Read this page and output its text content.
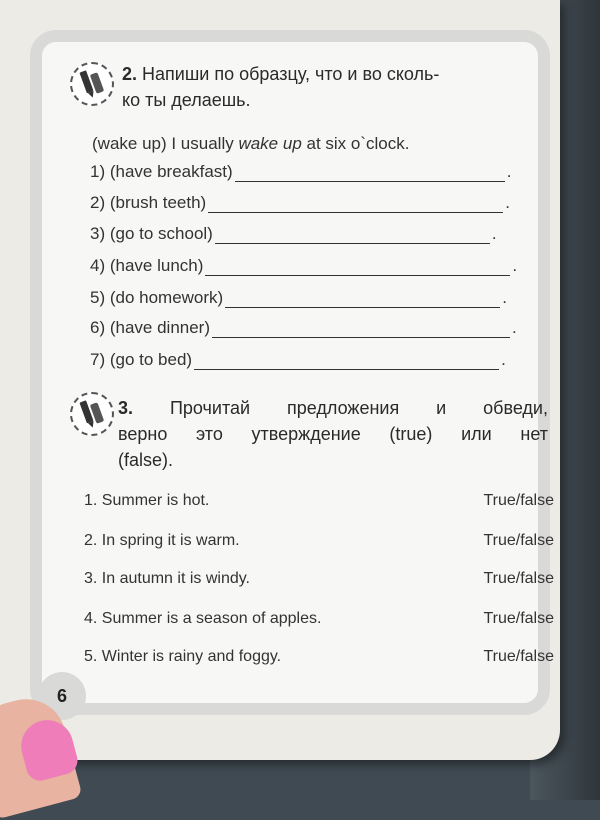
2. Напиши по образцу, что и во сколь-
ко ты делаешь.
(wake up) I usually wake up at six o`clock.
1) (have breakfast)	.
2) (brush teeth)	.
3) (go to school)	.
4) (have lunch)	.
5) (do homework)	.
6) (have dinner)	.
7) (go to bed)	.
3. Прочитай предложения и обведи,
верно это утверждение (true) или нет
(false).
1. Summer is hot.	True/false
2. In spring it is warm.	True/false
3. In autumn it is windy.	True/false
4. Summer is a season of apples.	True/false
5. Winter is rainy and foggy.	True/false
6
